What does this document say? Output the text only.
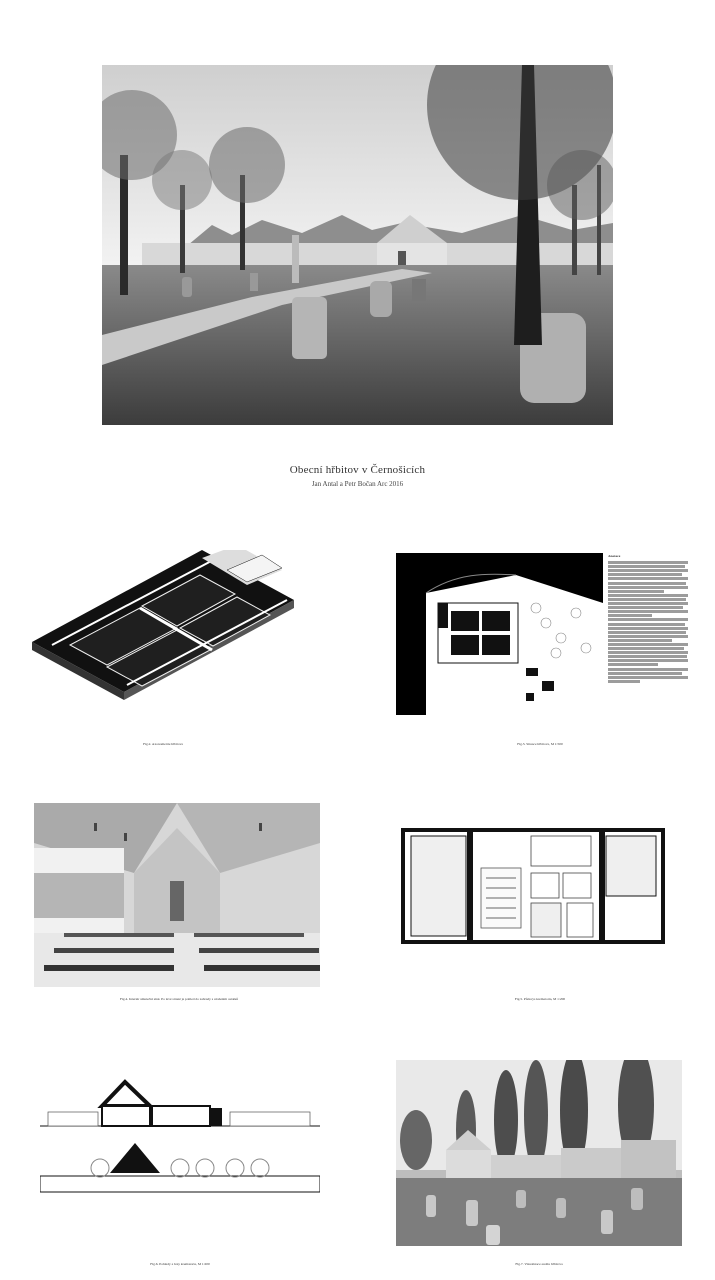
Obecní hřbitov v Černošicích
Jan Antal a Petr Bočan Arc 2016
Fig.2. Axonometrie hřbitova
Anotace
Fig.3. Situace hřbitova, M 1:500
Fig.4. Interiér smuteční síně. Po levé straně je pohled do zahrady s uložením ostatků	Fig.5. Půdorys krematoria, M 1:200
Fig.6. Pohledy a řezy krematoria, M 1:200	Fig.7. Vizualizace areálu hřbitova
